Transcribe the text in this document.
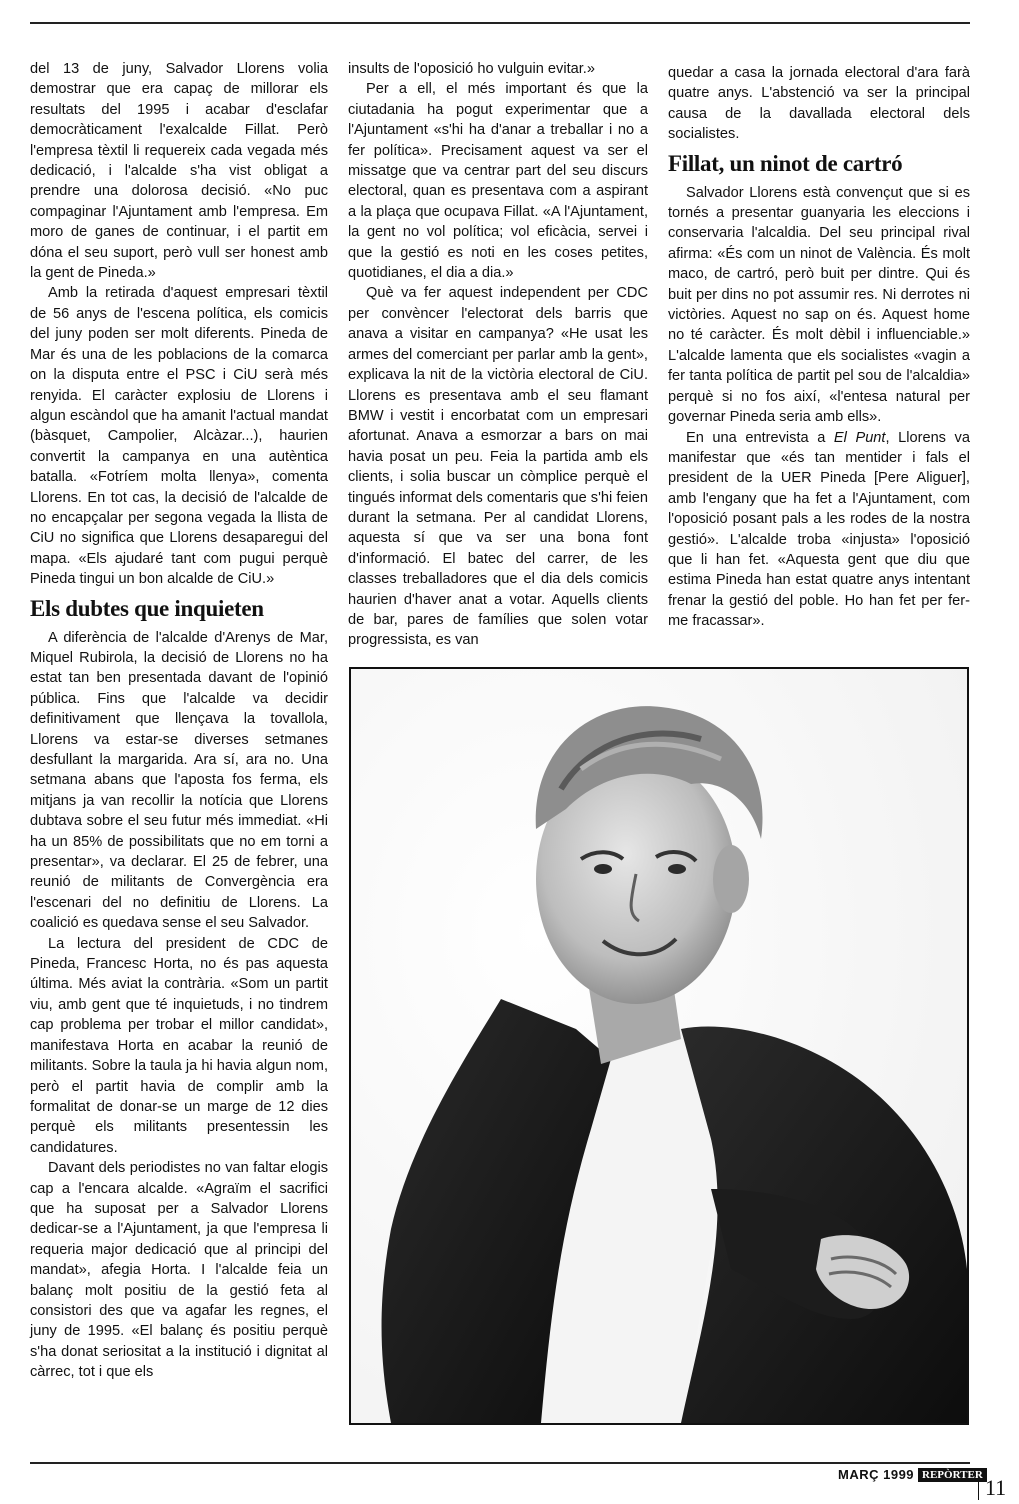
del 13 de juny, Salvador Llorens volia demostrar que era capaç de millorar els resultats del 1995 i acabar d'esclafar democràticament l'exalcalde Fillat. Però l'empresa tèxtil li requereix cada vegada més dedicació, i l'alcalde s'ha vist obligat a prendre una dolorosa decisió. «No puc compaginar l'Ajuntament amb l'empresa. Em moro de ganes de continuar, i el partit em dóna el seu suport, però vull ser honest amb la gent de Pineda.»

Amb la retirada d'aquest empresari tèxtil de 56 anys de l'escena política, els comicis del juny poden ser molt diferents. Pineda de Mar és una de les poblacions de la comarca on la disputa entre el PSC i CiU serà més renyida. El caràcter explosiu de Llorens i algun escàndol que ha amanit l'actual mandat (bàsquet, Campolier, Alcàzar...), haurien convertit la campanya en una autèntica batalla. «Fotríem molta llenya», comenta Llorens. En tot cas, la decisió de l'alcalde de no encapçalar per segona vegada la llista de CiU no significa que Llorens desaparegui del mapa. «Els ajudaré tant com pugui perquè Pineda tingui un bon alcalde de CiU.»

Els dubtes que inquieten

A diferència de l'alcalde d'Arenys de Mar, Miquel Rubirola, la decisió de Llorens no ha estat tan ben presentada davant de l'opinió pública. Fins que l'alcalde va decidir definitivament que llençava la tovallola, Llorens va estar-se diverses setmanes desfullant la margarida. Ara sí, ara no. Una setmana abans que l'aposta fos ferma, els mitjans ja van recollir la notícia que Llorens dubtava sobre el seu futur més immediat. «Hi ha un 85% de possibilitats que no em torni a presentar», va declarar. El 25 de febrer, una reunió de militants de Convergència era l'escenari del no definitiu de Llorens. La coalició es quedava sense el seu Salvador.

La lectura del president de CDC de Pineda, Francesc Horta, no és pas aquesta última. Més aviat la contrària. «Som un partit viu, amb gent que té inquietuds, i no tindrem cap problema per trobar el millor candidat», manifestava Horta en acabar la reunió de militants. Sobre la taula ja hi havia algun nom, però el partit havia de complir amb la formalitat de donar-se un marge de 12 dies perquè els militants presentessin les candidatures.

Davant dels periodistes no van faltar elogis cap a l'encara alcalde. «Agraïm el sacrifici que ha suposat per a Salvador Llorens dedicar-se a l'Ajuntament, ja que l'empresa li requeria major dedicació que al principi del mandat», afegia Horta. I l'alcalde feia un balanç molt positiu de la gestió feta al consistori des que va agafar les regnes, el juny de 1995. «El balanç és positiu perquè s'ha donat seriositat a la institució i dignitat al càrrec, tot i que els

insults de l'oposició ho vulguin evitar.»

Per a ell, el més important és que la ciutadania ha pogut experimentar que a l'Ajuntament «s'hi ha d'anar a treballar i no a fer política». Precisament aquest va ser el missatge que va centrar part del seu discurs electoral, quan es presentava com a aspirant a la plaça que ocupava Fillat. «A l'Ajuntament, la gent no vol política; vol eficàcia, servei i que la gestió es noti en les coses petites, quotidianes, el dia a dia.»

Què va fer aquest independent per CDC per convèncer l'electorat dels barris que anava a visitar en campanya? «He usat les armes del comerciant per parlar amb la gent», explicava la nit de la victòria electoral de CiU. Llorens es presentava amb el seu flamant BMW i vestit i encorbatat com un empresari afortunat. Anava a esmorzar a bars on mai havia posat un peu. Feia la partida amb els clients, i solia buscar un còmplice perquè el tingués informat dels comentaris que s'hi feien durant la setmana. Per al candidat Llorens, aquesta sí que va ser una bona font d'informació. El batec del carrer, de les classes treballadores que el dia dels comicis haurien d'haver anat a votar. Aquells clients de bar, pares de famílies que solen votar progressista, es van

quedar a casa la jornada electoral d'ara farà quatre anys. L'abstenció va ser la principal causa de la davallada electoral dels socialistes.

Fillat, un ninot de cartró

Salvador Llorens està convençut que si es tornés a presentar guanyaria les eleccions i conservaria l'alcaldia. Del seu principal rival afirma: «És com un ninot de València. És molt maco, de cartró, però buit per dintre. Qui és buit per dins no pot assumir res. Ni derrotes ni victòries. Aquest no sap on és. Aquest home no té caràcter. És molt dèbil i influenciable.» L'alcalde lamenta que els socialistes «vagin a fer tanta política de partit pel sou de l'alcaldia» perquè si no fos així, «l'entesa natural per governar Pineda seria amb ells».

En una entrevista a El Punt, Llorens va manifestar que «és tan mentider i fals el president de la UER Pineda [Pere Aliguer], amb l'engany que ha fet a l'Ajuntament, com l'oposició posant pals a les rodes de la nostra gestió». L'alcalde troba «injusta» l'oposició que li han fet. «Aquesta gent que diu que estima Pineda han estat quatre anys intentant frenar la gestió del poble. Ho han fet per fer-me fracassar».

MARÇ 1999 REPÒRTER
11
